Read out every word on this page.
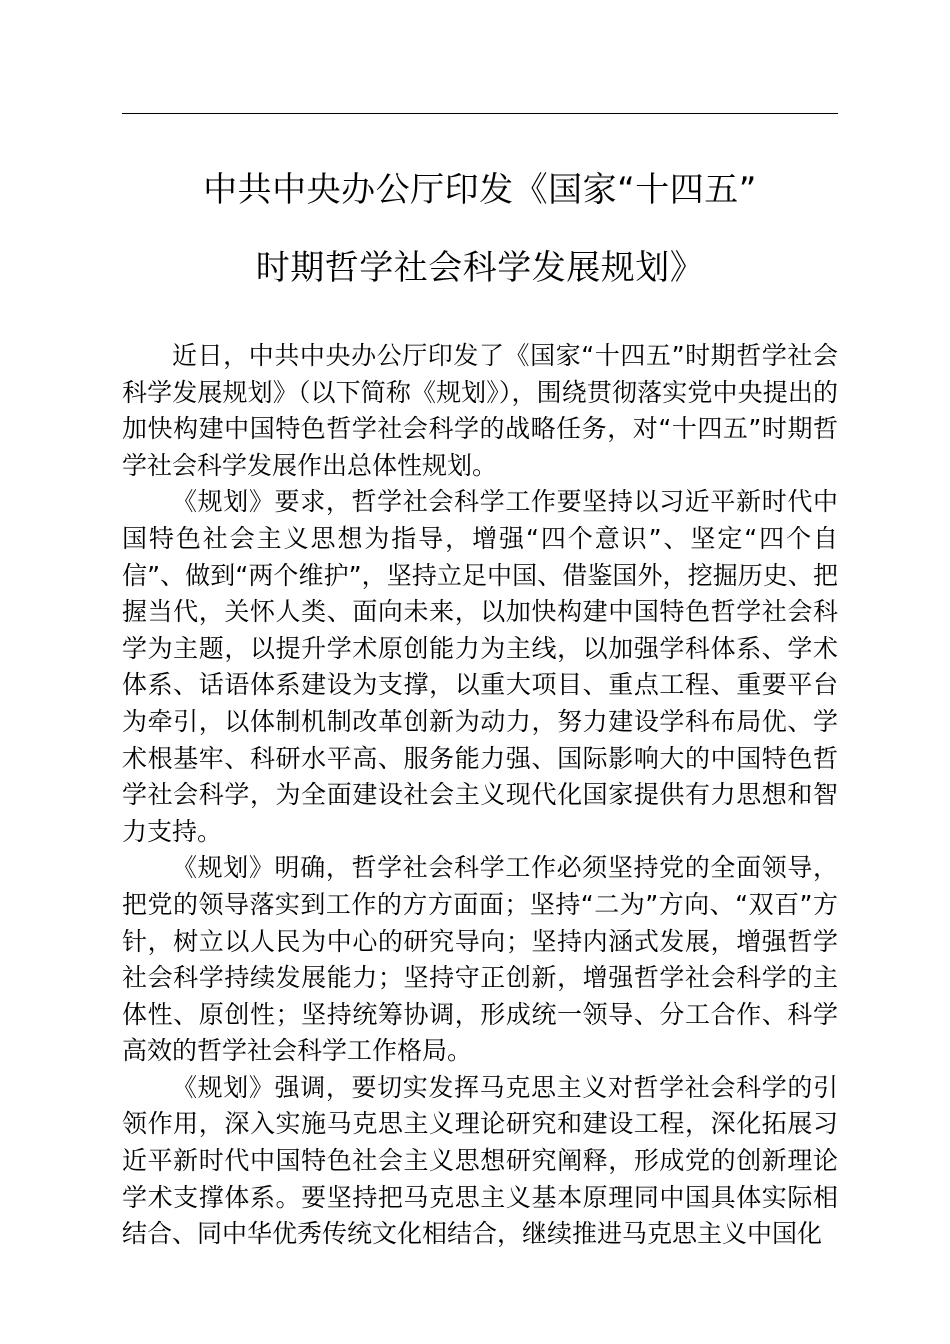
中共中央办公厅印发《国家“十四五”
时期哲学社会科学发展规划》

近日，中共中央办公厅印发了《国家“十四五”时期哲学社会科学发展规划》（以下简称《规划》），围绕贯彻落实党中央提出的加快构建中国特色哲学社会科学的战略任务，对“十四五”时期哲学社会科学发展作出总体性规划。

《规划》要求，哲学社会科学工作要坚持以习近平新时代中国特色社会主义思想为指导，增强“四个意识”、坚定“四个自信”、做到“两个维护”，坚持立足中国、借鉴国外，挖掘历史、把握当代，关怀人类、面向未来，以加快构建中国特色哲学社会科学为主题，以提升学术原创能力为主线，以加强学科体系、学术体系、话语体系建设为支撑，以重大项目、重点工程、重要平台为牵引，以体制机制改革创新为动力，努力建设学科布局优、学术根基牢、科研水平高、服务能力强、国际影响大的中国特色哲学社会科学，为全面建设社会主义现代化国家提供有力思想和智力支持。

《规划》明确，哲学社会科学工作必须坚持党的全面领导，把党的领导落实到工作的方方面面；坚持“二为”方向、“双百”方针，树立以人民为中心的研究导向；坚持内涵式发展，增强哲学社会科学持续发展能力；坚持守正创新，增强哲学社会科学的主体性、原创性；坚持统筹协调，形成统一领导、分工合作、科学高效的哲学社会科学工作格局。

《规划》强调，要切实发挥马克思主义对哲学社会科学的引领作用，深入实施马克思主义理论研究和建设工程，深化拓展习近平新时代中国特色社会主义思想研究阐释，形成党的创新理论学术支撑体系。要坚持把马克思主义基本原理同中国具体实际相结合、同中华优秀传统文化相结合，继续推进马克思主义中国化
